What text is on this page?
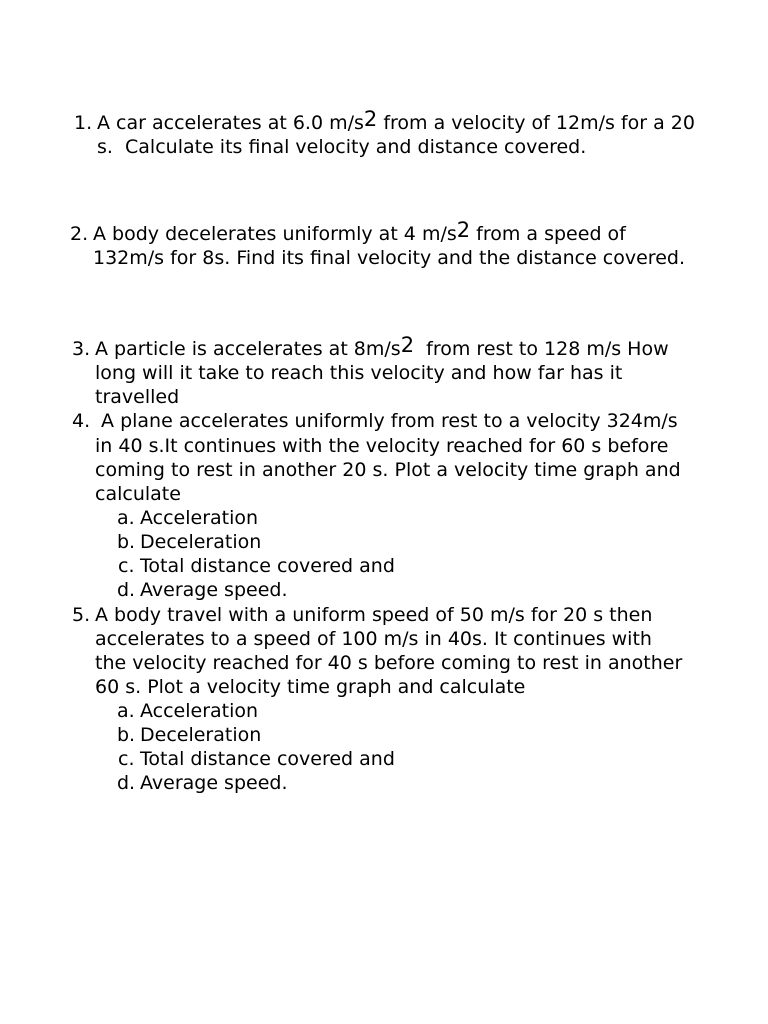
1. A car accelerates at 6.0 $m/s^2$ from a velocity of 12m/s for a 20
s.  Calculate its final velocity and distance covered.
2. A body decelerates uniformly at 4 $m/s^2$ from a speed of
132m/s for 8s. Find its final velocity and the distance covered.
3. A particle is accelerates at $8m/s^2$  from rest to 128 m/s How
long will it take to reach this velocity and how far has it
travelled
4. A plane accelerates uniformly from rest to a velocity 324m/s
in 40 s.It continues with the velocity reached for 60 s before
coming to rest in another 20 s. Plot a velocity time graph and
calculate
a. Acceleration
b. Deceleration
c. Total distance covered and
d. Average speed.
5. A body travel with a uniform speed of 50 m/s for 20 s then
accelerates to a speed of 100 m/s in 40s. It continues with
the velocity reached for 40 s before coming to rest in another
60 s. Plot a velocity time graph and calculate
a. Acceleration
b. Deceleration
c. Total distance covered and
d. Average speed.
